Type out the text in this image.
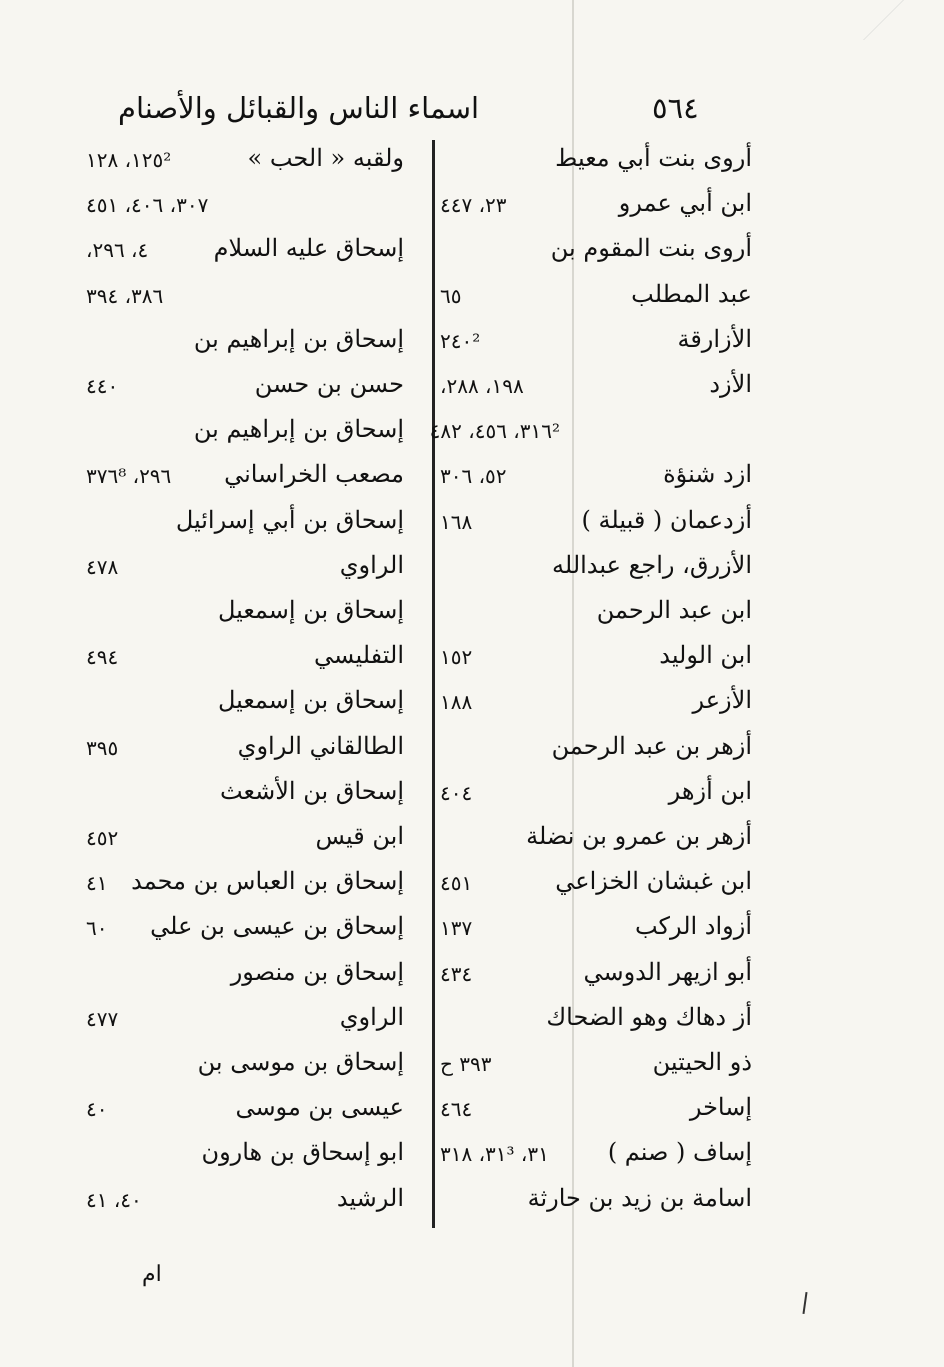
اسماء الناس والقبائل والأصنام	٥٦٤
أروى بنت أبي معيط
ابن أبي عمرو
٢٣، ٤٤٧
أروى بنت المقوم بن
عبد المطلب
٦٥
الأزارقة
٢٤٠²
الأزد
١٩٨، ٢٨٨،
٣١٦²، ٤٥٦، ٤٨٢
ازد شنؤة
٥٢، ٣٠٦
أزدعمان ( قبيلة )
١٦٨
الأزرق، راجع عبدالله
ابن عبد الرحمن
ابن الوليد
١٥٢
الأزعر
١٨٨
أزهر بن عبد الرحمن
ابن أزهر
٤٠٤
أزهر بن عمرو بن نضلة
ابن غبشان الخزاعي
٤٥١
أزواد الركب
١٣٧
أبو ازيهر الدوسي
٤٣٤
أز دهاك وهو الضحاك
ذو الحيتين
٣٩٣ ح
إساخر
٤٦٤
إساف ( صنم )
٣١، ٣١³، ٣١٨
اسامة بن زيد بن حارثة
ولقبه « الحب »
١٢٥²، ١٢٨
٣٠٧، ٤٠٦، ٤٥١
إسحاق عليه السلام
٤، ٢٩٦،
٣٨٦، ٣٩٤
إسحاق بن إبراهيم بن
حسن بن حسن
٤٤٠
إسحاق بن إبراهيم بن
مصعب الخراساني
٢٩٦، ٣٧٦⁸
إسحاق بن أبي إسرائيل
الراوي
٤٧٨
إسحاق بن إسمعيل
التفليسي
٤٩٤
إسحاق بن إسمعيل
الطالقاني الراوي
٣٩٥
إسحاق بن الأشعث
ابن قيس
٤٥٢
إسحاق بن العباس بن محمد
٤١
إسحاق بن عيسى بن علي
٦٠
إسحاق بن منصور
الراوي
٤٧٧
إسحاق بن موسى بن
عيسى بن موسى
٤٠
ابو إسحاق بن هارون
الرشيد
٤٠، ٤١
ام
